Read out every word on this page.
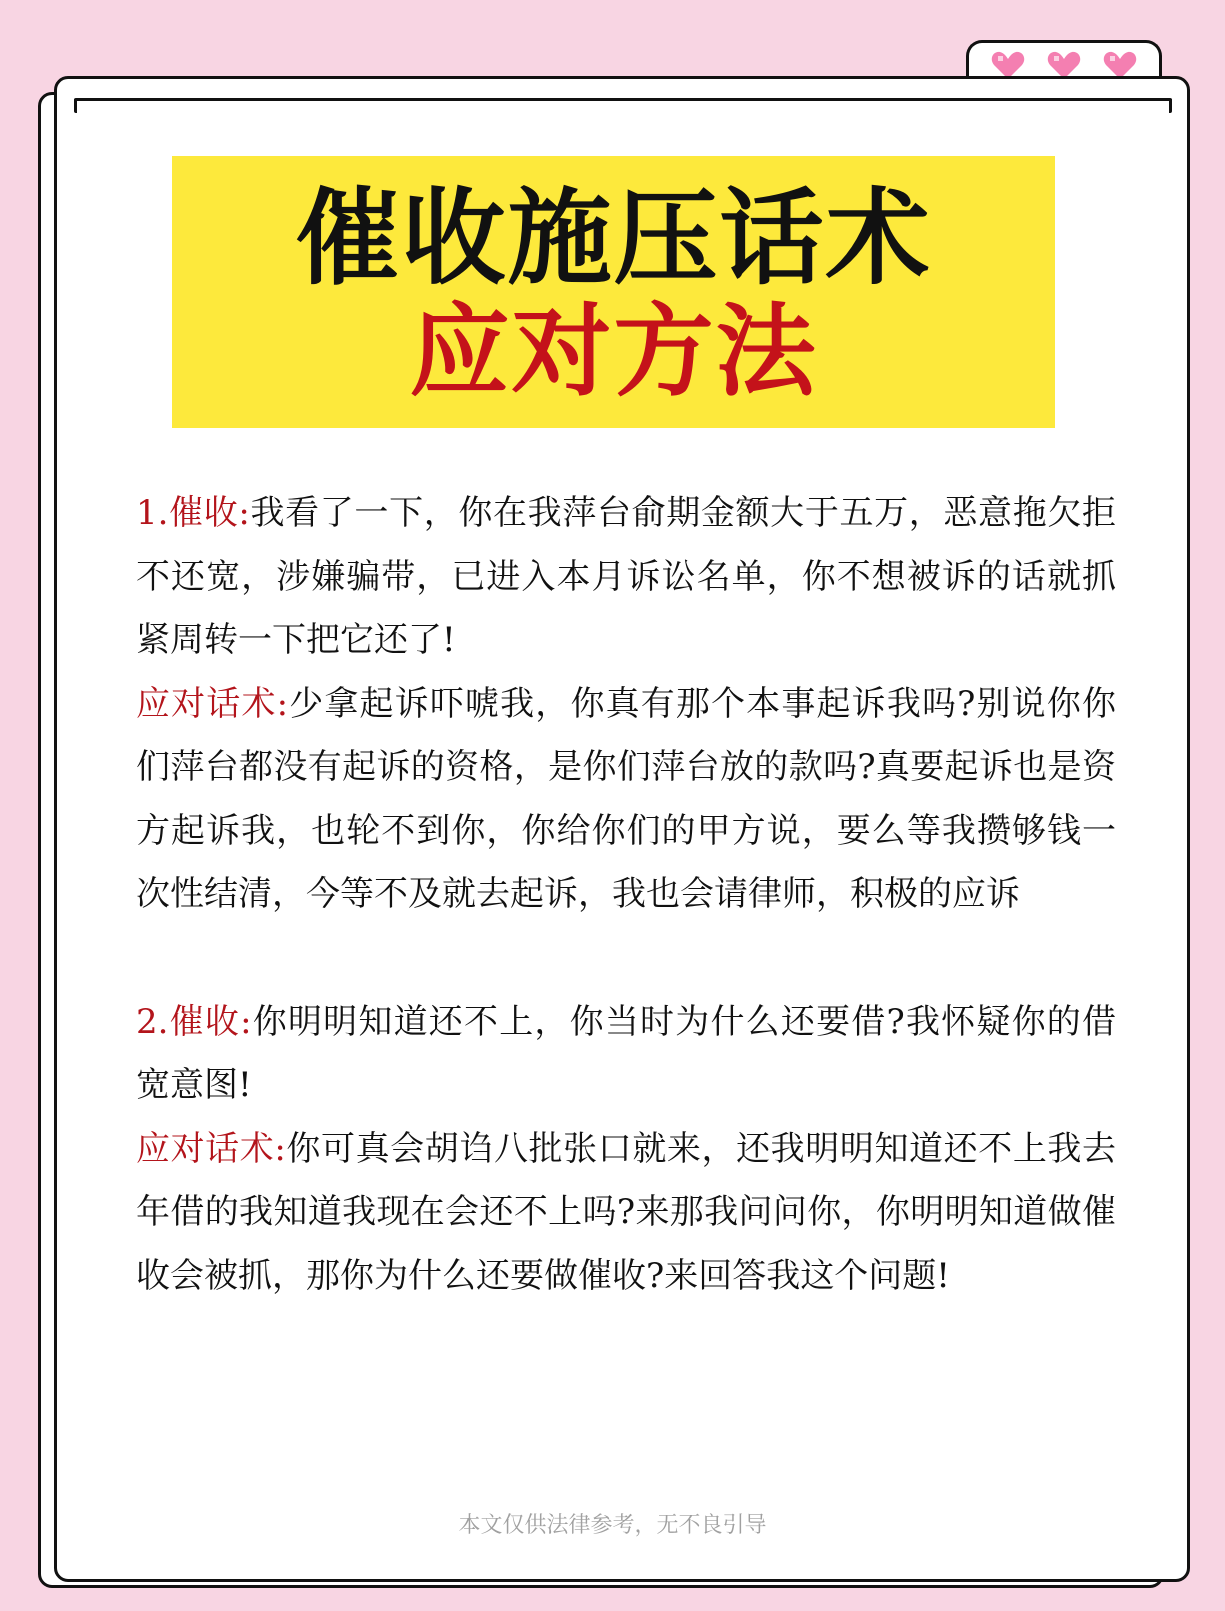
催收施压话术
应对方法

1.催收:我看了一下，你在我萍台俞期金额大于五万，恶意拖欠拒不还宽，涉嫌骗带，已进入本月诉讼名单，你不想被诉的话就抓紧周转一下把它还了!

应对话术:少拿起诉吓唬我，你真有那个本事起诉我吗?别说你你们萍台都没有起诉的资格，是你们萍台放的款吗?真要起诉也是资方起诉我，也轮不到你，你给你们的甲方说，要么等我攒够钱一次性结清，今等不及就去起诉，我也会请律师，积极的应诉

2.催收:你明明知道还不上，你当时为什么还要借?我怀疑你的借宽意图!

应对话术:你可真会胡诌八批张口就来，还我明明知道还不上我去年借的我知道我现在会还不上吗?来那我问问你，你明明知道做催收会被抓，那你为什么还要做催收?来回答我这个问题!

本文仅供法律参考，无不良引导
